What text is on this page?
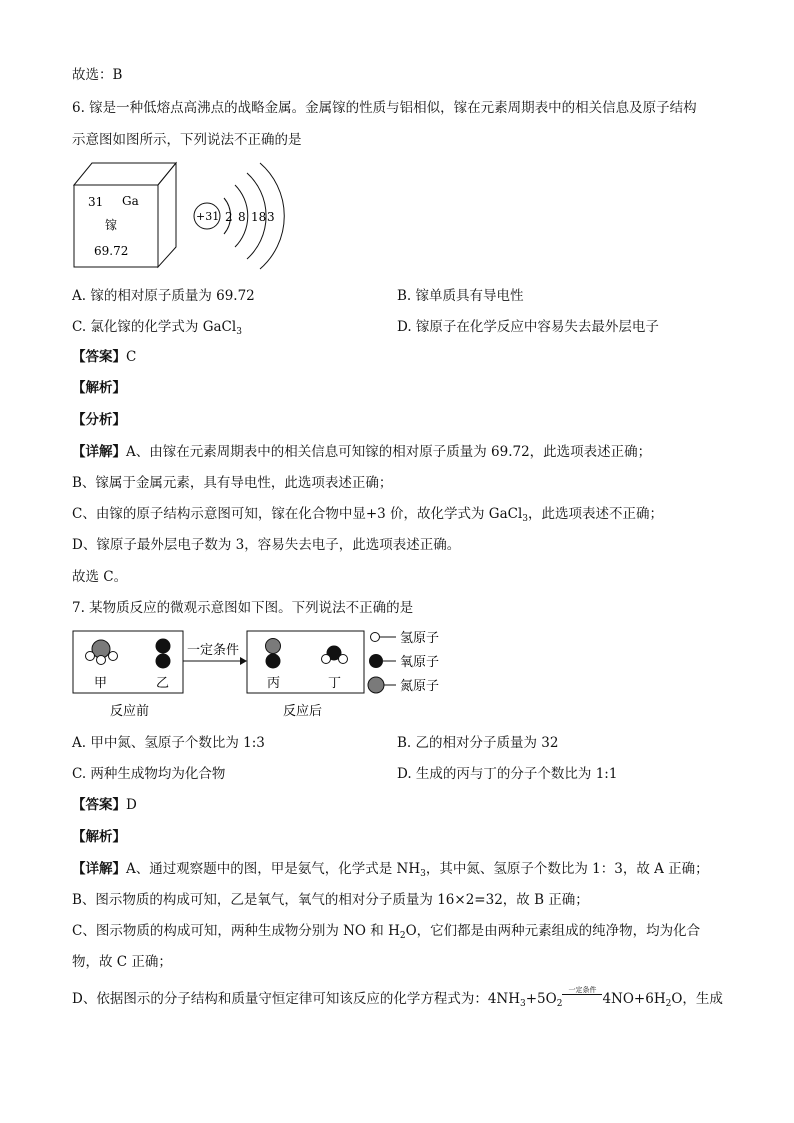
故选：B
6. 镓是一种低熔点高沸点的战略金属。金属镓的性质与铝相似，镓在元素周期表中的相关信息及原子结构
示意图如图所示，下列说法不正确的是
31 Ga
镓
69.72
+31 2 8 18 3
A. 镓的相对原子质量为 69.72	B. 镓单质具有导电性
C. 氯化镓的化学式为 GaCl$_3$	D. 镓原子在化学反应中容易失去最外层电子
【答案】C
【解析】
【分析】
【详解】A、由镓在元素周期表中的相关信息可知镓的相对原子质量为 69.72，此选项表述正确；
B、镓属于金属元素，具有导电性，此选项表述正确；
C、由镓的原子结构示意图可知，镓在化合物中显+3 价，故化学式为 GaCl$_3$，此选项表述不正确；
D、镓原子最外层电子数为 3，容易失去电子，此选项表述正确。
故选 C。
7. 某物质反应的微观示意图如下图。下列说法不正确的是
甲	乙
反应前
一定条件
丙	丁
反应后
氢原子
氧原子
氮原子
A. 甲中氮、氢原子个数比为 1:3	B. 乙的相对分子质量为 32
C. 两种生成物均为化合物	D. 生成的丙与丁的分子个数比为 1:1
【答案】D
【解析】
【详解】A、通过观察题中的图，甲是氨气，化学式是 $NH_3$，其中氮、氢原子个数比为 1：3，故 A 正确；
B、图示物质的构成可知，乙是氧气，氧气的相对分子质量为 16×2=32，故 B 正确；
C、图示物质的构成可知，两种生成物分别为 NO 和 $H_2O$，它们都是由两种元素组成的纯净物，均为化合
物，故 C 正确；
D、依据图示的分子结构和质量守恒定律可知该反应的化学方程式为：$4NH_3+5O_2$
一定条件
$4NO+6H_2O$，生成
